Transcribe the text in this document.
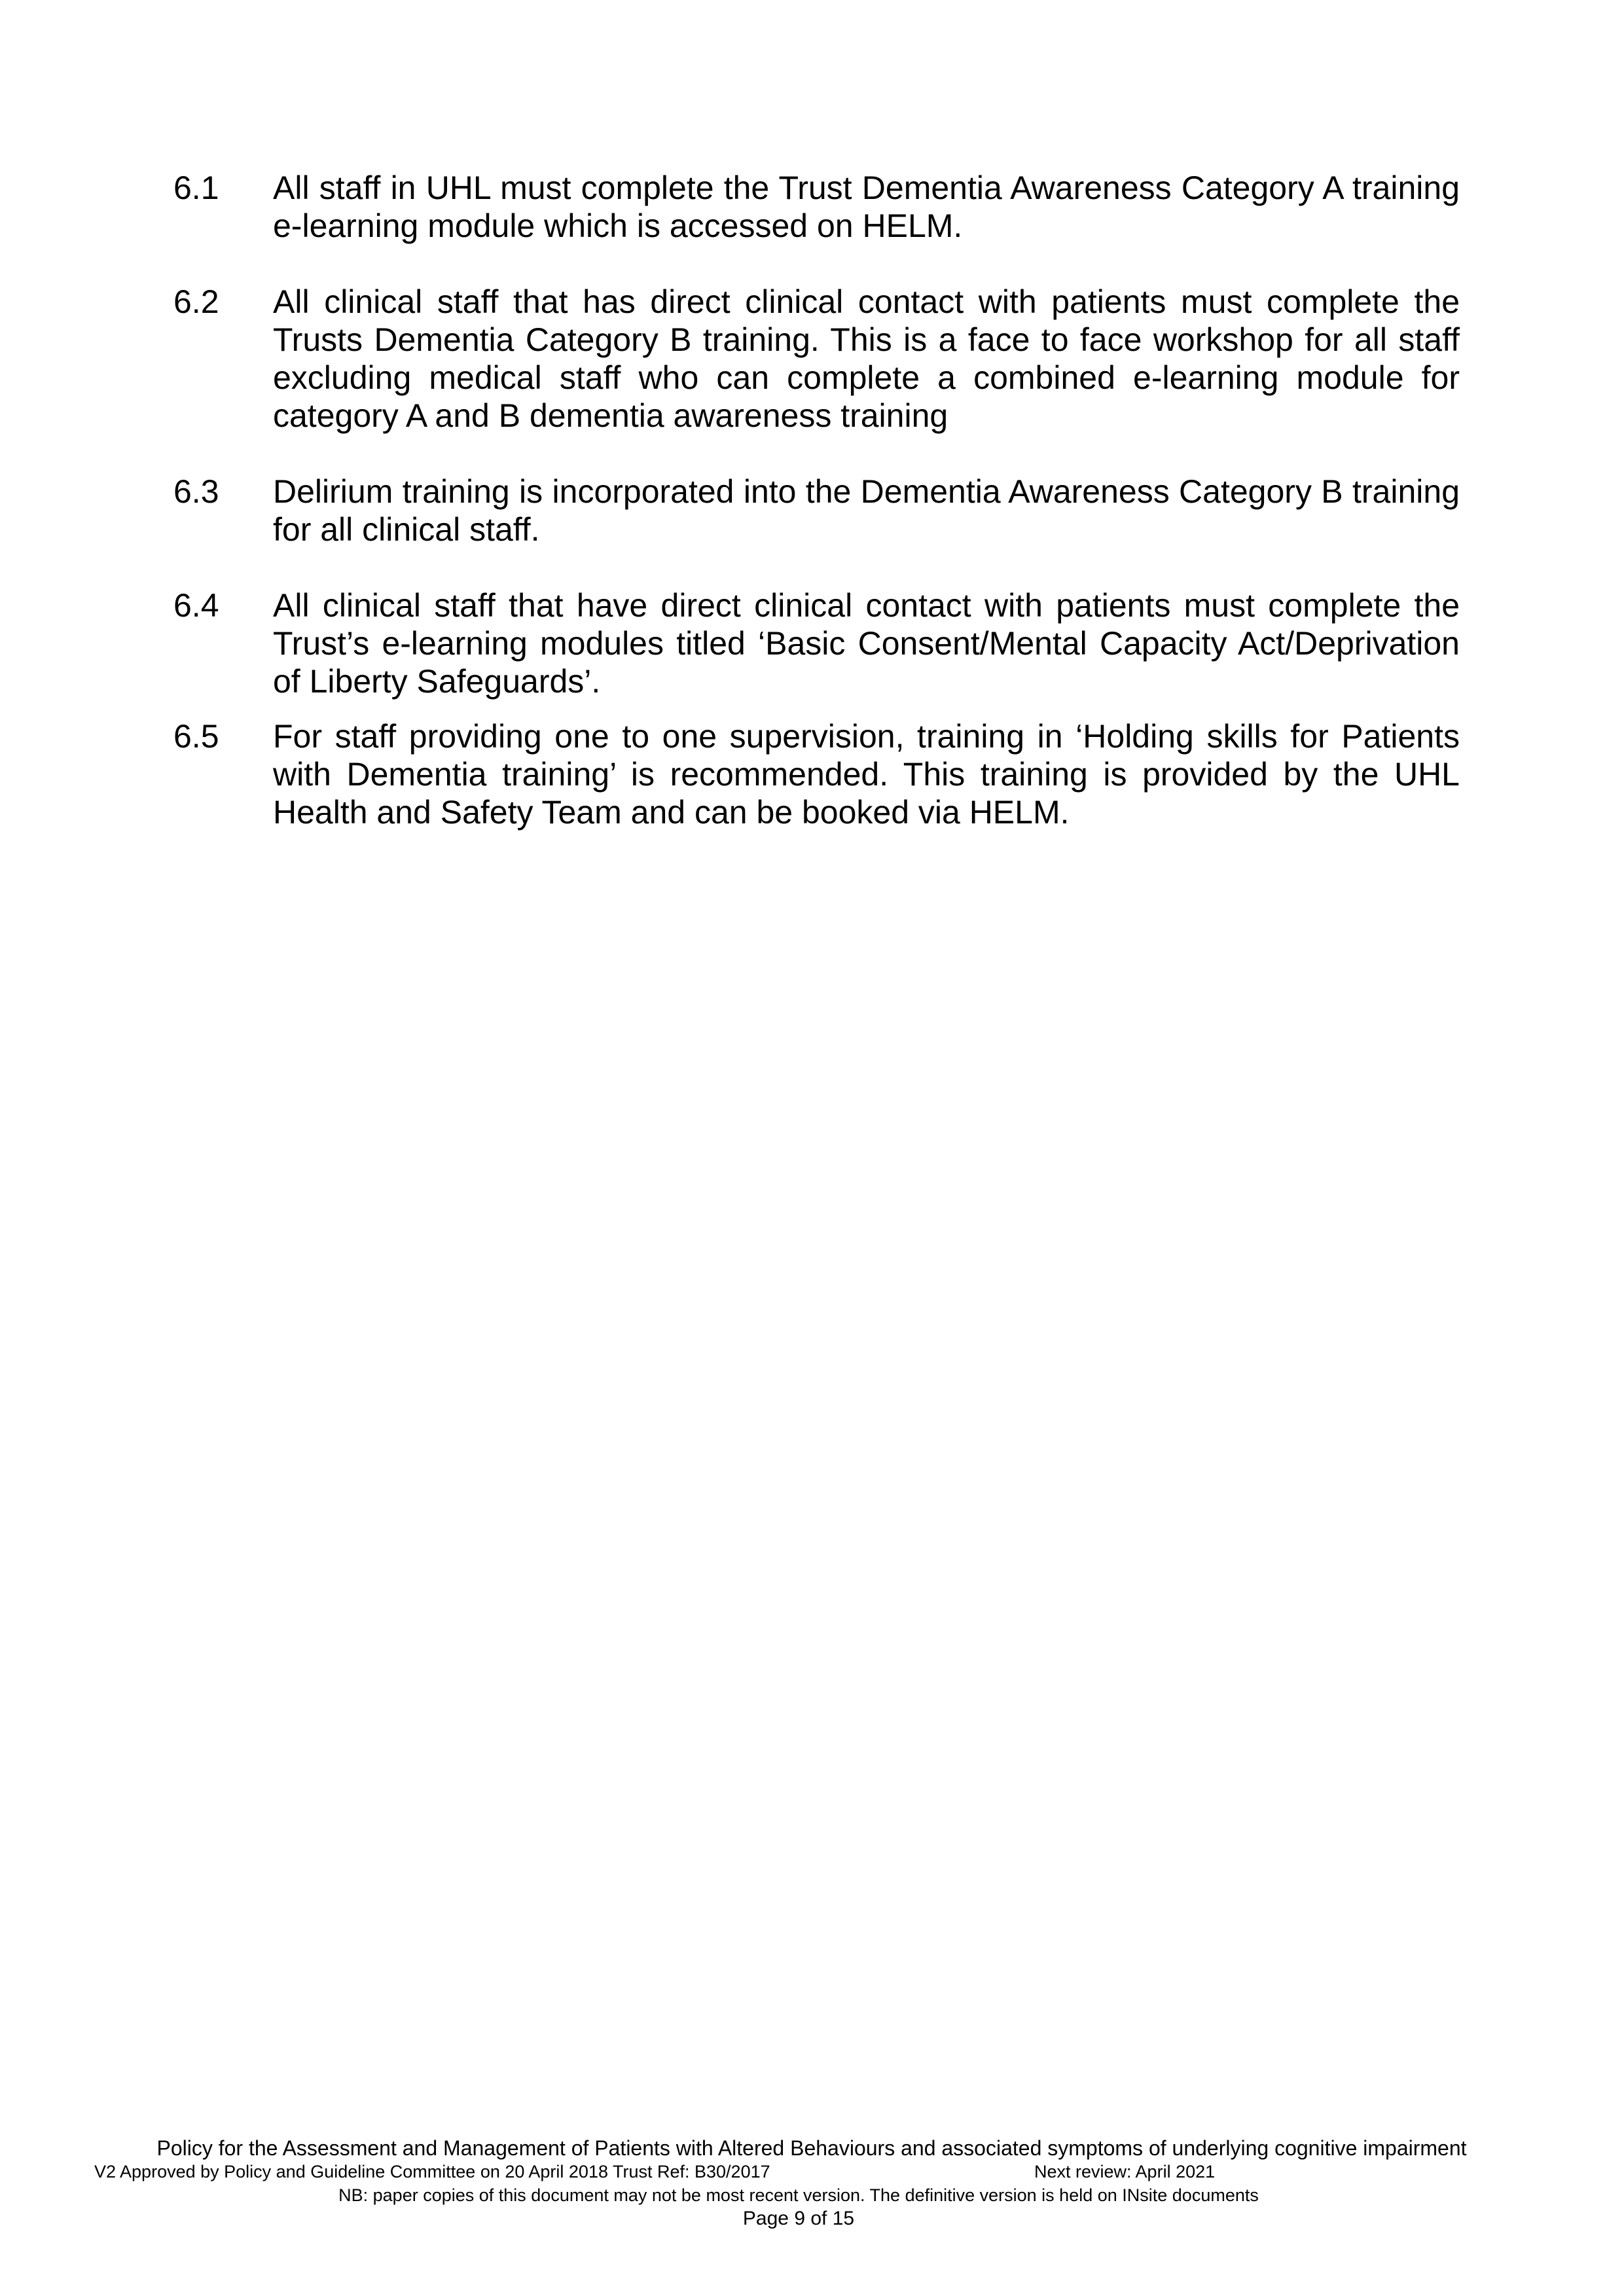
6.1	All staff in UHL must complete the Trust Dementia Awareness Category A training e-learning module which is accessed on HELM.
6.2	All clinical staff that has direct clinical contact with patients must complete the Trusts Dementia Category B training. This is a face to face workshop for all staff excluding medical staff who can complete a combined e-learning module for category A and B dementia awareness training
6.3	Delirium training is incorporated into the Dementia Awareness Category B training for all clinical staff.
6.4	All clinical staff that have direct clinical contact with patients must complete the Trust’s e-learning modules titled ‘Basic Consent/Mental Capacity Act/Deprivation of Liberty Safeguards’.
6.5	For staff providing one to one supervision, training in ‘Holding skills for Patients with Dementia training’ is recommended. This training is provided by the UHL Health and Safety Team and can be booked via HELM.
Policy for the Assessment and Management of Patients with Altered Behaviours and associated symptoms of underlying cognitive impairment
V2 Approved by Policy and Guideline Committee on 20 April 2018 Trust Ref: B30/2017	Next review: April 2021
NB: paper copies of this document may not be most recent version. The definitive version is held on INsite documents
Page 9 of 15
